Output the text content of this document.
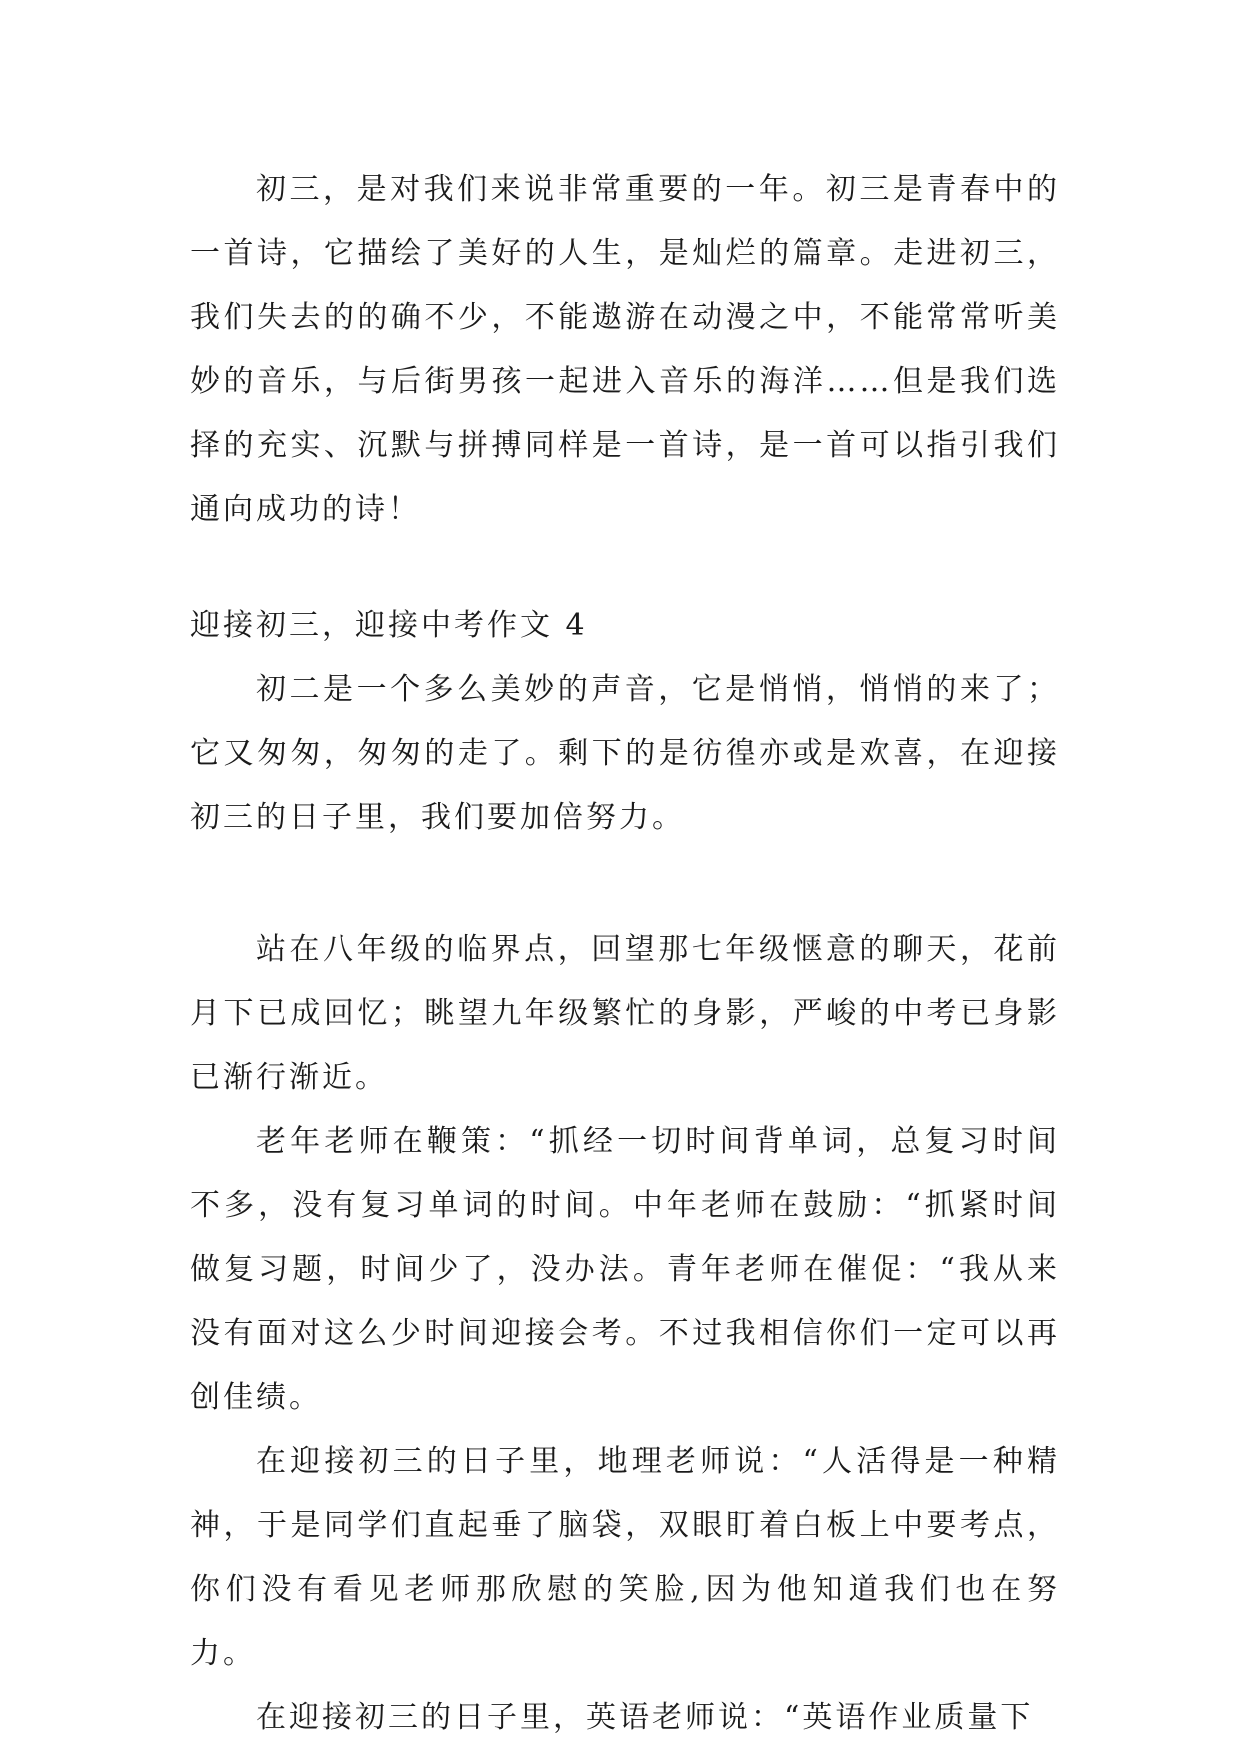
初三，是对我们来说非常重要的一年。初三是青春中的一首诗，它描绘了美好的人生，是灿烂的篇章。走进初三，我们失去的的确不少，不能遨游在动漫之中，不能常常听美妙的音乐，与后街男孩一起进入音乐的海洋……但是我们选择的充实、沉默与拼搏同样是一首诗，是一首可以指引我们通向成功的诗！

迎接初三，迎接中考作文 4

初二是一个多么美妙的声音，它是悄悄，悄悄的来了；它又匆匆，匆匆的走了。剩下的是彷徨亦或是欢喜，在迎接初三的日子里，我们要加倍努力。

站在八年级的临界点，回望那七年级惬意的聊天，花前月下已成回忆；眺望九年级繁忙的身影，严峻的中考已身影已渐行渐近。

老年老师在鞭策：“抓经一切时间背单词，总复习时间不多，没有复习单词的时间。中年老师在鼓励：“抓紧时间做复习题，时间少了，没办法。青年老师在催促：“我从来没有面对这么少时间迎接会考。不过我相信你们一定可以再创佳绩。

在迎接初三的日子里，地理老师说：“人活得是一种精神，于是同学们直起垂了脑袋，双眼盯着白板上中要考点，你们没有看见老师那欣慰的笑脸,因为他知道我们也在努力。

在迎接初三的日子里，英语老师说：“英语作业质量下
